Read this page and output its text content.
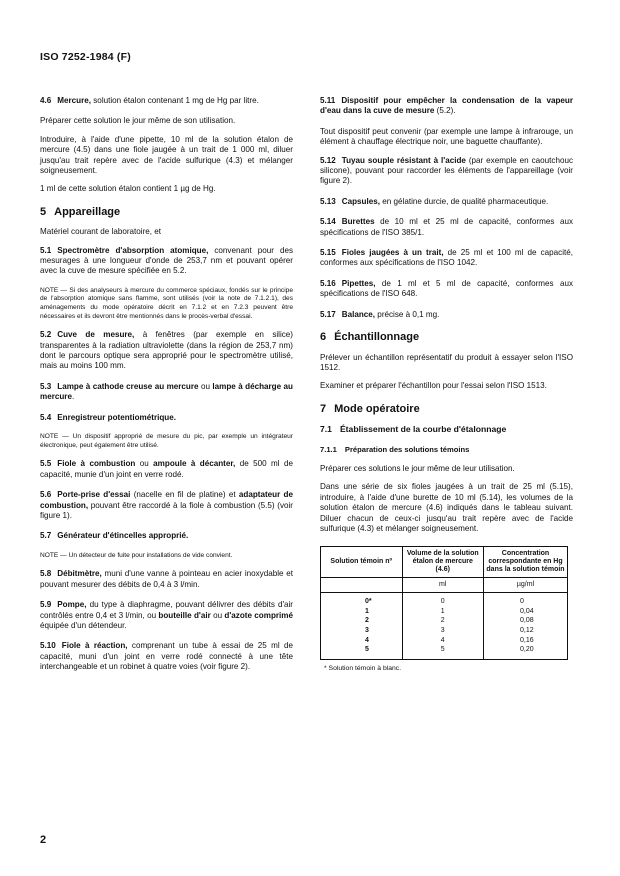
ISO 7252-1984 (F)
4.6 Mercure, solution étalon contenant 1 mg de Hg par litre.

Préparer cette solution le jour même de son utilisation.

Introduire, à l'aide d'une pipette, 10 ml de la solution étalon de mercure (4.5) dans une fiole jaugée à un trait de 1 000 ml, diluer jusqu'au trait repère avec de l'acide sulfurique (4.3) et mélanger soigneusement.

1 ml de cette solution étalon contient 1 µg de Hg.

5 Appareillage

Matériel courant de laboratoire, et

5.1 Spectromètre d'absorption atomique, convenant pour des mesurages à une longueur d'onde de 253,7 nm et pouvant opérer avec la cuve de mesure spécifiée en 5.2.
NOTE — Si des analyseurs à mercure du commerce spéciaux, fondés sur le principe de l'absorption atomique sans flamme, sont utilisés (voir la note de 7.1.2.1), des aménagements du mode opératoire décrit en 7.1.2 et en 7.2.3 peuvent être nécessaires et ils devront être mentionnés dans le procès-verbal d'essai.
5.2 Cuve de mesure, à fenêtres (par exemple en silice) transparentes à la radiation ultraviolette (dans la région de 253,7 nm) dont le parcours optique sera approprié pour le spectromètre utilisé, mais au moins 100 mm.
5.3 Lampe à cathode creuse au mercure ou lampe à décharge au mercure.
5.4 Enregistreur potentiométrique.
NOTE — Un dispositif approprié de mesure du pic, par exemple un intégrateur électronique, peut également être utilisé.
5.5 Fiole à combustion ou ampoule à décanter, de 500 ml de capacité, munie d'un joint en verre rodé.
5.6 Porte-prise d'essai (nacelle en fil de platine) et adaptateur de combustion, pouvant être raccordé à la fiole à combustion (5.5) (voir figure 1).
5.7 Générateur d'étincelles approprié.
NOTE — Un détecteur de fuite pour installations de vide convient.
5.8 Débitmètre, muni d'une vanne à pointeau en acier inoxydable et pouvant mesurer des débits de 0,4 à 3 l/min.
5.9 Pompe, du type à diaphragme, pouvant délivrer des débits d'air contrôlés entre 0,4 et 3 l/min, ou bouteille d'air ou d'azote comprimé équipée d'un détendeur.
5.10 Fiole à réaction, comprenant un tube à essai de 25 ml de capacité, muni d'un joint en verre rodé connecté à une tête interchangeable et un robinet à quatre voies (voir figure 2).
5.11 Dispositif pour empêcher la condensation de la vapeur d'eau dans la cuve de mesure (5.2).

Tout dispositif peut convenir (par exemple une lampe à infrarouge, un élément à chauffage électrique noir, une baguette chauffante).

5.12 Tuyau souple résistant à l'acide (par exemple en caoutchouc silicone), pouvant pour raccorder les éléments de l'appareillage (voir figure 2).
5.13 Capsules, en gélatine durcie, de qualité pharmaceutique.
5.14 Burettes de 10 ml et 25 ml de capacité, conformes aux spécifications de l'ISO 385/1.
5.15 Fioles jaugées à un trait, de 25 ml et 100 ml de capacité, conformes aux spécifications de l'ISO 1042.
5.16 Pipettes, de 1 ml et 5 ml de capacité, conformes aux spécifications de l'ISO 648.
5.17 Balance, précise à 0,1 mg.
6 Échantillonnage

Prélever un échantillon représentatif du produit à essayer selon l'ISO 1512.

Examiner et préparer l'échantillon pour l'essai selon l'ISO 1513.

7 Mode opératoire
7.1 Établissement de la courbe d'étalonnage
7.1.1 Préparation des solutions témoins

Préparer ces solutions le jour même de leur utilisation.

Dans une série de six fioles jaugées à un trait de 25 ml (5.15), introduire, à l'aide d'une burette de 10 ml (5.14), les volumes de la solution étalon de mercure (4.6) indiqués dans le tableau suivant. Diluer chacun de ceux-ci jusqu'au trait repère avec de l'acide sulfurique (4.3) et mélanger soigneusement.

Solution témoin nº	Volume de la solution étalon de mercure (4.6)	Concentration correspondante en Hg dans la solution témoin
	ml	µg/ml
0*	0	0
1	1	0,04
2	2	0,08
3	3	0,12
4	4	0,16
5	5	0,20
* Solution témoin à blanc.
2
